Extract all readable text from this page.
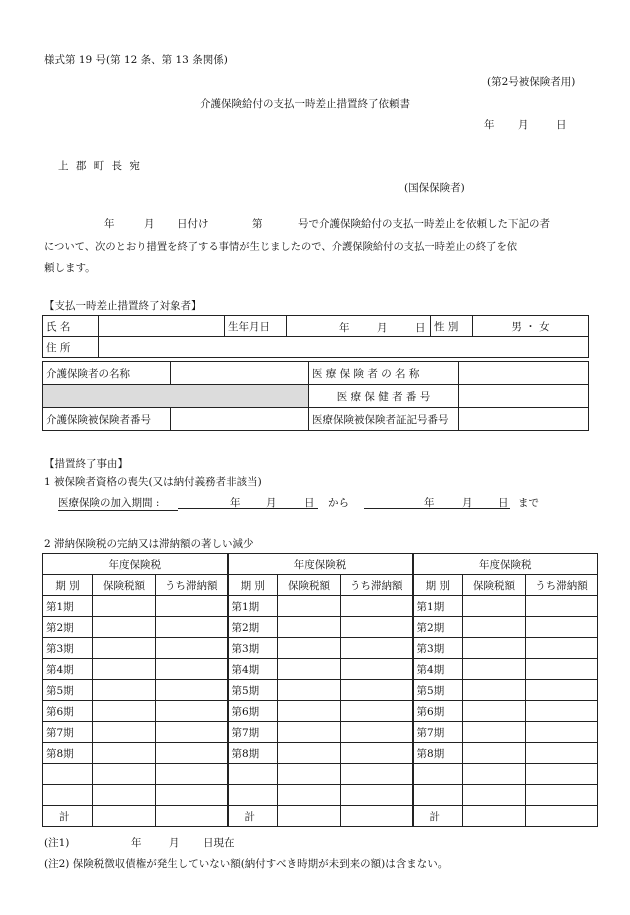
様式第 19 号(第 12 条、第 13 条関係)
(第2号被保険者用)
介護保険給付の支払一時差止措置終了依頼書
年 月	日
上 郡 町 長 宛
(国保保険者)
年	月 日付け	第	号で介護保険給付の支払一時差止を依頼した下記の者
について、次のとおり措置を終了する事情が生じましたので、介護保険給付の支払一時差止の終了を依
頼します。
【支払一時差止措置終了対象者】
氏 名		生年月日	年 月 日	性 別	男 ・ 女
住 所					
介護保険者の名称		医 療 保 険 者 の 名 称	
		医 療 保 健 者 番 号	
介護保険被保険者番号		医療保険被保険者証記号番号	
【措置終了事由】
1 被保険者資格の喪失(又は納付義務者非該当)
医療保険の加入期間 :	年 月	日 から	年	月 日 まで
2 滞納保険税の完納又は滞納額の著しい減少
年度保険税			年度保険税			年度保険税		
期 別	保険税額	うち滞納額	期 別	保険税額	うち滞納額	期 別	保険税額	うち滞納額
第1期			第1期			第1期		
第2期			第2期			第2期		
第3期			第3期			第3期		
第4期			第4期			第4期		
第5期			第5期			第5期		
第6期			第6期			第6期		
第7期			第7期			第7期		
第8期			第8期			第8期		

計			計			計		
(注1)	年	月 日現在
(注2) 保険税徴収債権が発生していない額(納付すべき時期が未到来の額)は含まない。
